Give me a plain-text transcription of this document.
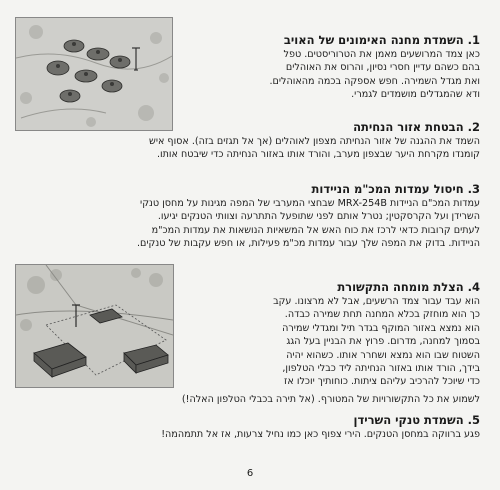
1. השמדת מחנה האימונים של האויב
כאן צמד המרושעים מאמן את הטרוריסטים. טפל
בהם כשהם עדיין חסרי נסיון, והרוס את האוהלים
ואת מגדל השמירה. חפש אספקה בכמה מהאוהלים.
ודא שהמגדלים מושמדים לגמרי.
2. הבטחת אזור הנחיתה
השמד את ההגנה של אזור הנחיתה מצפון לאוהלים (אך אל תגזים בזה). אסוף איש
קומנדו מקרחת היער שבצפון מערב, והורד אותו באזור הנחיתה כדי שיבטח אותו.
3. חיסול עמדות המכ"מ הניידות
עמדות המכ"ם הניידות MRX-254B שבחצי המערבי של המפה מגינות על מחסן טנקי
השרידן ועל הקרסקטין; נטרל אותם לפני שתופעל התתרעה וצוותי הטנקים יגיעו.
לעתים קרובות כדאי לרכז את כוח האש אל המשאיות הנושאות את עמדות המכ"מ
הניידות. בדוק את המפה שלך עבור עמדות מכ"מ פעילות, או חפש עקבות של טנקים.
4. הצלת מומחה התקשורת
הוא עבד עבור צמד הרשעים, אבל לא מרצונו. עקב
כך הוא מוחזק בכלא המחנה תחת שמירה כבדה.
הוא נמצא באזור המוקף בגדר תיל ומגדלי שמירה
בסמוך למחנה, מדרום. פרוץ את הבניין בעל הגג
השטוח שבו הוא נמצא ושחרר אותו. כשהוא יהיה
בידך, הורד אותו באזור הנחיתה ליד כבלי הטלפון,
כדי שיוכל להרכיב עליהם ציתות. כוחותיך יוכלו אז
לשמוע את כל התקשורויות של המטורף. (אל תירה בכבלי הטלפון האלה!)
5. השמדת טנקי השרידן
פגע ברווקה במחסן הטנקים. הירי צפוף כאן כמו נחיל צרעות, אז אל תתמהמה!
6
